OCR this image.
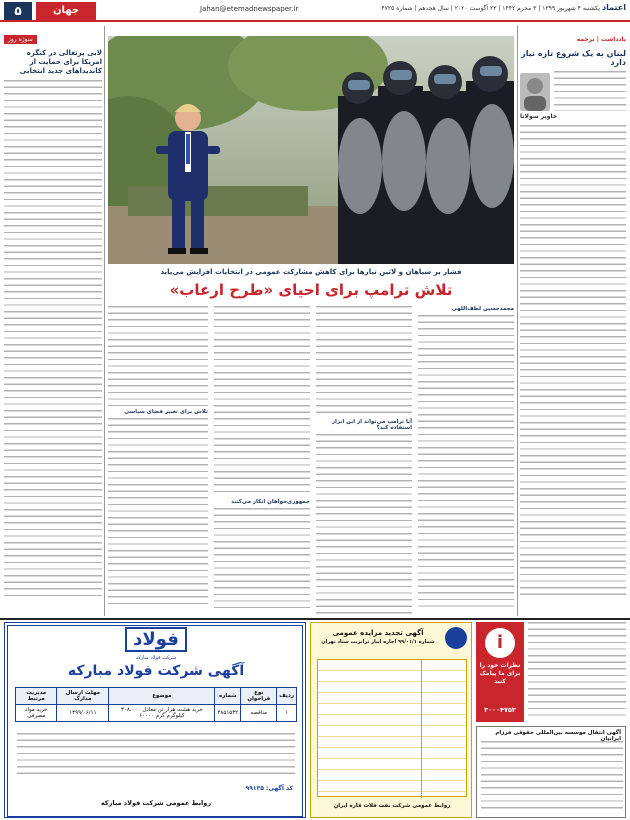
۵	جهان	Jahan@etemadnewspaper.ir	یکشنبه ۴ شهریور ۱۳۹۹ | ۳ محرم ۱۴۴۲ | ۲۳ آگوست ۲۰۲۰ | سال هجدهم | شماره ۴۷۲۵ اعتماد
سوژه روز
لابی پرتغالی در کنگره امریکا برای حمایت از کاندیداهای جدید انتخابی
یادداشت | ترجمه
لبنان به یک شروع تازه نیاز دارد
خاویر سولانا
فشار بر سیاهان و لاتین تبارها برای کاهش مشارکت عمومی در انتخابات افزایش می‌یابد
تلاش ترامپ برای احیای «طرح ارعاب»
محمدحسین لطف‌اللهی
آیا ترامپ می‌تواند از این ابزار استفاده کند؟
جمهوری‌خواهان انکار می‌کنند
تلاش برای تغییر فضای سیاسی
فولاد
شرکت فولاد مبارکه
آگهی شرکت فولاد مبارکه
ردیف	نوع فراخوان	شماره	موضوع	مهلت ارسال مدارک	مدیریت مرتبط
۱	مناقصه	۴۸۵۱۵۳۲	خرید هشت هزار تن معادل ۳۰۸،۰۰۰ کیلوگرم گرم ۶۰۰۰۰	۱۳۹۹/۰۶/۱۱	خرید مواد مصرفی
کد آگهی: ۹۹۱۳۵
روابط عمومی شرکت فولاد مبارکه
آگهی تجدید مزایده عمومی
شماره ۹۹/۰۱/۱ اجاره انبار ترانزیت ستاد تهران
روابط عمومی شرکت نفت فلات قاره ایران
i
نظرات خود را برای ما پیامک کنید
۳۰۰۰۴۷۵۳
آگهی انتقال موسسه بین‌المللی حقوقی فرزام ایرانیان
